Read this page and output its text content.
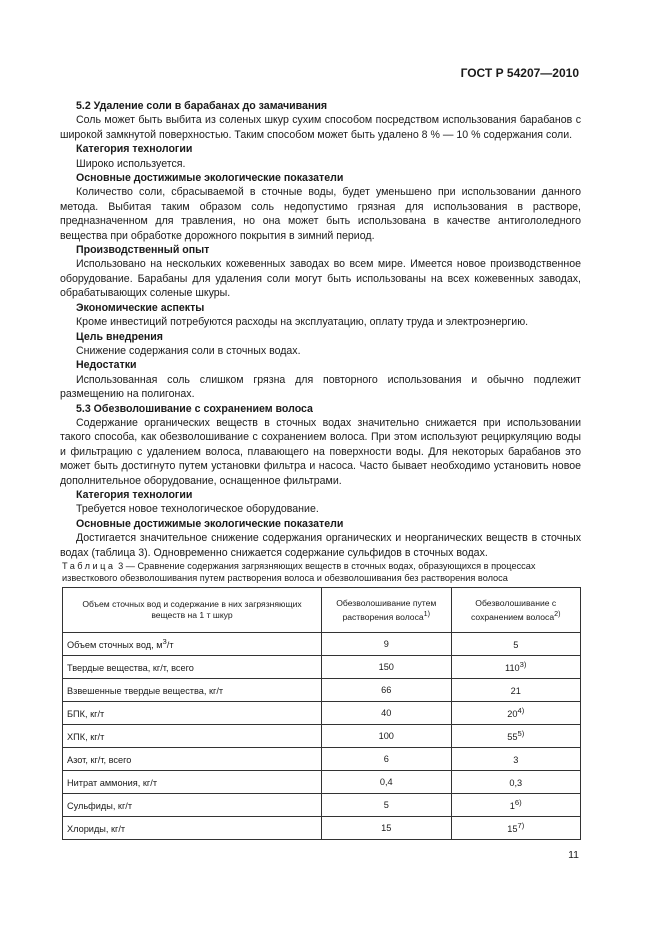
ГОСТ Р 54207—2010

5.2 Удаление соли в барабанах до замачивания

Соль может быть выбита из соленых шкур сухим способом посредством использования барабанов с широкой замкнутой поверхностью. Таким способом может быть удалено 8 % — 10 % содержания соли.

Категория технологии

Широко используется.

Основные достижимые экологические показатели

Количество соли, сбрасываемой в сточные воды, будет уменьшено при использовании данного метода. Выбитая таким образом соль недопустимо грязная для использования в растворе, предназначенном для травления, но она может быть использована в качестве антигололедного вещества при обработке дорожного покрытия в зимний период.

Производственный опыт

Использовано на нескольких кожевенных заводах во всем мире. Имеется новое производственное оборудование. Барабаны для удаления соли могут быть использованы на всех кожевенных заводах, обрабатывающих соленые шкуры.

Экономические аспекты

Кроме инвестиций потребуются расходы на эксплуатацию, оплату труда и электроэнергию.

Цель внедрения

Снижение содержания соли в сточных водах.

Недостатки

Использованная соль слишком грязна для повторного использования и обычно подлежит размещению на полигонах.

5.3 Обезволошивание с сохранением волоса

Содержание органических веществ в сточных водах значительно снижается при использовании такого способа, как обезволошивание с сохранением волоса. При этом используют рециркуляцию воды и фильтрацию с удалением волоса, плавающего на поверхности воды. Для некоторых барабанов это может быть достигнуто путем установки фильтра и насоса. Часто бывает необходимо установить новое дополнительное оборудование, оснащенное фильтрами.

Категория технологии

Требуется новое технологическое оборудование.

Основные достижимые экологические показатели

Достигается значительное снижение содержания органических и неорганических веществ в сточных водах (таблица 3). Одновременно снижается содержание сульфидов в сточных водах.

Таблица 3 — Сравнение содержания загрязняющих веществ в сточных водах, образующихся в процессах известкового обезволошивания путем растворения волоса и обезволошивания без растворения волоса
Объем сточных вод и содержание в них загрязняющих веществ на 1 т шкур	Обезволошивание путем растворения волоса$^{1)}$	Обезволошивание с сохранением волоса$^{2)}$
Объем сточных вод, $м^3/т$	9	5
Твердые вещества, кг/т, всего	150	110$^{3)}$
Взвешенные твердые вещества, кг/т	66	21
БПК, кг/т	40	20$^{4)}$
ХПК, кг/т	100	55$^{5)}$
Азот, кг/т, всего	6	3
Нитрат аммония, кг/т	0,4	0,3
Сульфиды, кг/т	5	1$^{6)}$
Хлориды, кг/т	15	15$^{7)}$
11
